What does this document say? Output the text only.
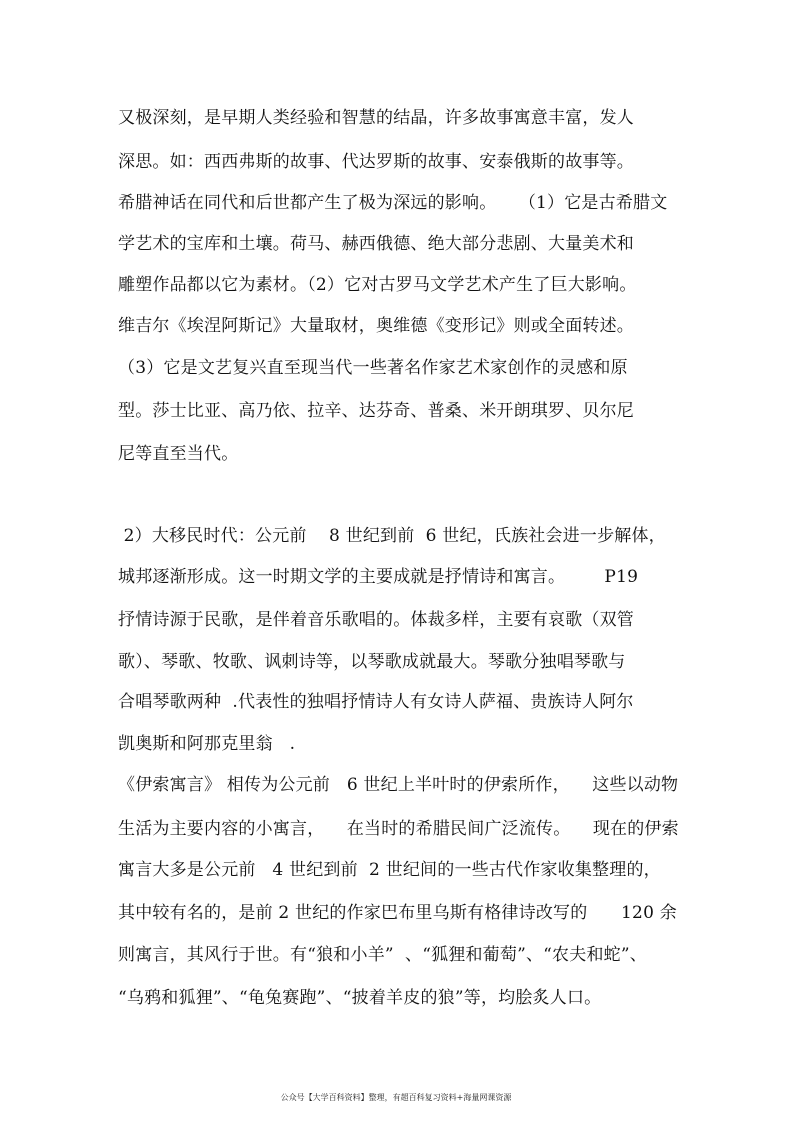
又极深刻，是早期人类经验和智慧的结晶，许多故事寓意丰富，发人
深思。如：西西弗斯的故事、代达罗斯的故事、安泰俄斯的故事等。
希腊神话在同代和后世都产生了极为深远的影响。    （1）它是古希腊文
学艺术的宝库和土壤。荷马、赫西俄德、绝大部分悲剧、大量美术和
雕塑作品都以它为素材。（2）它对古罗马文学艺术产生了巨大影响。
维吉尔《埃涅阿斯记》大量取材，奥维德《变形记》则或全面转述。
（3）它是文艺复兴直至现当代一些著名作家艺术家创作的灵感和原
型。莎士比亚、高乃依、拉辛、达芬奇、普桑、米开朗琪罗、贝尔尼
尼等直至当代。
2）大移民时代：公元前    8 世纪到前  6 世纪，氏族社会进一步解体，
城邦逐渐形成。这一时期文学的主要成就是抒情诗和寓言。       P19
抒情诗源于民歌，是伴着音乐歌唱的。体裁多样，主要有哀歌（双管
歌）、琴歌、牧歌、讽刺诗等，以琴歌成就最大。琴歌分独唱琴歌与
合唱琴歌两种  .代表性的独唱抒情诗人有女诗人萨福、贵族诗人阿尔
凯奥斯和阿那克里翁   .
《伊索寓言》 相传为公元前   6 世纪上半叶时的伊索所作，    这些以动物
生活为主要内容的小寓言，    在当时的希腊民间广泛流传。    现在的伊索
寓言大多是公元前   4 世纪到前  2 世纪间的一些古代作家收集整理的，
其中较有名的，是前 2 世纪的作家巴布里乌斯有格律诗改写的      120 余
则寓言，其风行于世。有“狼和小羊”  、“狐狸和葡萄”、“农夫和蛇”、
“乌鸦和狐狸”、“龟兔赛跑”、“披着羊皮的狼”等，均脍炙人口。
公众号【大学百科资料】整理，有超百科复习资料+海量网课资源
